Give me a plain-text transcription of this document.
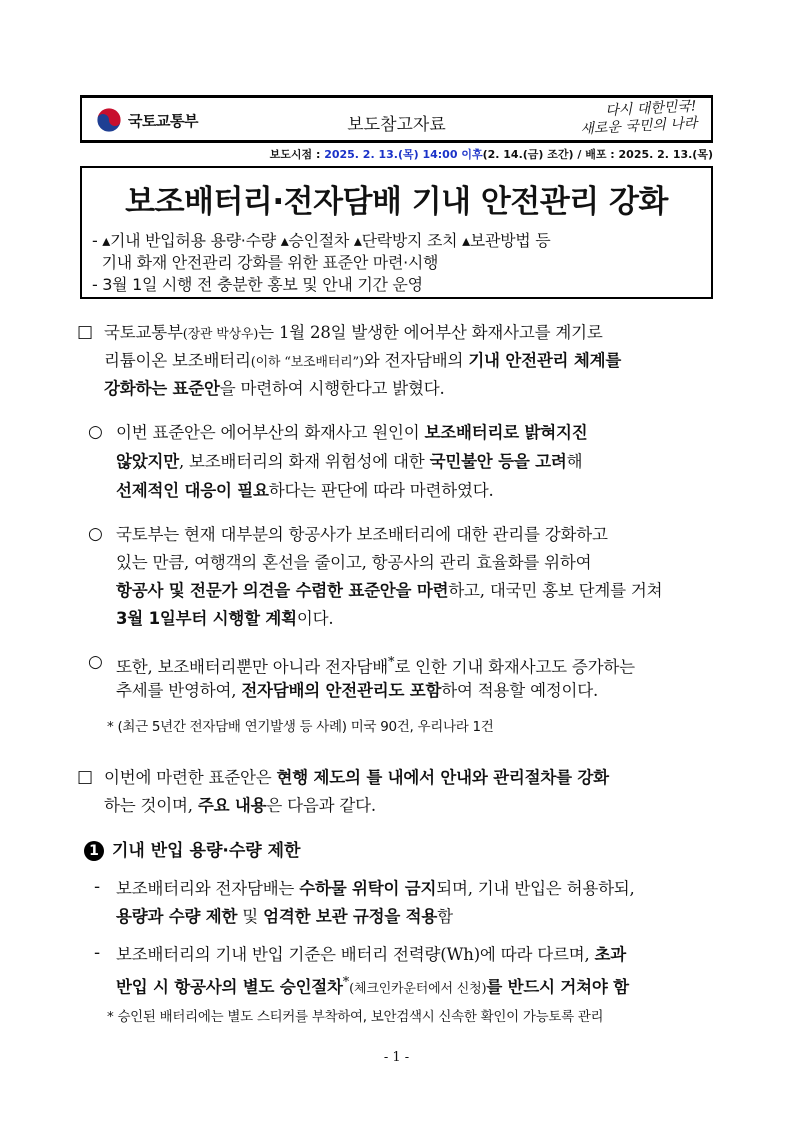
국토교통부	보도참고자료
다시 대한민국!
새로운 국민의 나라
보도시점 : 2025. 2. 13.(목) 14:00 이후(2. 14.(금) 조간) / 배포 : 2025. 2. 13.(목)
보조배터리·전자담배 기내 안전관리 강화
- ▴기내 반입허용 용량·수량 ▴승인절차 ▴단락방지 조치 ▴보관방법 등
기내 화재 안전관리 강화를 위한 표준안 마련·시행
- 3월 1일 시행 전 충분한 홍보 및 안내 기간 운영
□ 국토교통부(장관 박상우)는 1월 28일 발생한 에어부산 화재사고를 계기로
리튬이온 보조배터리(이하 “보조배터리”)와 전자담배의 기내 안전관리 체계를
강화하는 표준안을 마련하여 시행한다고 밝혔다.
○ 이번 표준안은 에어부산의 화재사고 원인이 보조배터리로 밝혀지진
않았지만, 보조배터리의 화재 위험성에 대한 국민불안 등을 고려해
선제적인 대응이 필요하다는 판단에 따라 마련하였다.
○ 국토부는 현재 대부분의 항공사가 보조배터리에 대한 관리를 강화하고
있는 만큼, 여행객의 혼선을 줄이고, 항공사의 관리 효율화를 위하여
항공사 및 전문가 의견을 수렴한 표준안을 마련하고, 대국민 홍보 단계를 거쳐
3월 1일부터 시행할 계획이다.
○ 또한, 보조배터리뿐만 아니라 전자담배*로 인한 기내 화재사고도 증가하는
추세를 반영하여, 전자담배의 안전관리도 포함하여 적용할 예정이다.
* (최근 5년간 전자담배 연기발생 등 사례) 미국 90건, 우리나라 1건
□ 이번에 마련한 표준안은 현행 제도의 틀 내에서 안내와 관리절차를 강화
하는 것이며, 주요 내용은 다음과 같다.
1 기내 반입 용량·수량 제한
- 보조배터리와 전자담배는 수하물 위탁이 금지되며, 기내 반입은 허용하되,
용량과 수량 제한 및 엄격한 보관 규정을 적용함
- 보조배터리의 기내 반입 기준은 배터리 전력량(Wh)에 따라 다르며, 초과
반입 시 항공사의 별도 승인절차*(체크인카운터에서 신청)를 반드시 거쳐야 함
* 승인된 배터리에는 별도 스티커를 부착하여, 보안검색시 신속한 확인이 가능토록 관리
- 1 -
